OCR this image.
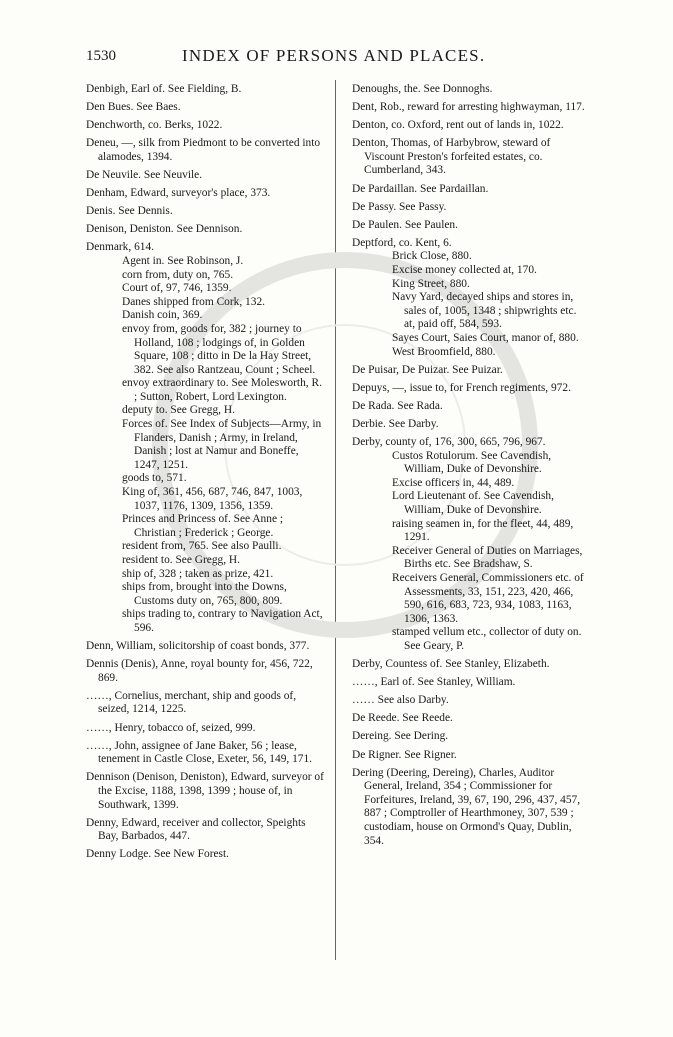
1530	INDEX OF PERSONS AND PLACES.
Denbigh, Earl of. See Fielding, B.
Den Bues. See Baes.
Denchworth, co. Berks, 1022.
Deneu, —, silk from Piedmont to be converted into alamodes, 1394.
De Neuvile. See Neuvile.
Denham, Edward, surveyor's place, 373.
Denis. See Dennis.
Denison, Deniston. See Dennison.
Denmark, 614.
Agent in. See Robinson, J.
corn from, duty on, 765.
Court of, 97, 746, 1359.
Danes shipped from Cork, 132.
Danish coin, 369.
envoy from, goods for, 382 ; journey to Holland, 108 ; lodgings of, in Golden Square, 108 ; ditto in De la Hay Street, 382. See also Rantzeau, Count ; Scheel.
envoy extraordinary to. See Molesworth, R. ; Sutton, Robert, Lord Lexington.
deputy to. See Gregg, H.
Forces of. See Index of Subjects—Army, in Flanders, Danish ; Army, in Ireland, Danish ; lost at Namur and Boneffe, 1247, 1251.
goods to, 571.
King of, 361, 456, 687, 746, 847, 1003, 1037, 1176, 1309, 1356, 1359.
Princes and Princess of. See Anne ; Christian ; Frederick ; George.
resident from, 765. See also Paulli.
resident to. See Gregg, H.
ship of, 328 ; taken as prize, 421.
ships from, brought into the Downs, Customs duty on, 765, 800, 809.
ships trading to, contrary to Navigation Act, 596.
Denn, William, solicitorship of coast bonds, 377.
Dennis (Denis), Anne, royal bounty for, 456, 722, 869.
……, Cornelius, merchant, ship and goods of, seized, 1214, 1225.
……, Henry, tobacco of, seized, 999.
……, John, assignee of Jane Baker, 56 ; lease, tenement in Castle Close, Exeter, 56, 149, 171.
Dennison (Denison, Deniston), Edward, surveyor of the Excise, 1188, 1398, 1399 ; house of, in Southwark, 1399.
Denny, Edward, receiver and collector, Speights Bay, Barbados, 447.
Denny Lodge. See New Forest.
Denoughs, the. See Donnoghs.
Dent, Rob., reward for arresting highwayman, 117.
Denton, co. Oxford, rent out of lands in, 1022.
Denton, Thomas, of Harbybrow, steward of Viscount Preston's forfeited estates, co. Cumberland, 343.
De Pardaillan. See Pardaillan.
De Passy. See Passy.
De Paulen. See Paulen.
Deptford, co. Kent, 6.
Brick Close, 880.
Excise money collected at, 170.
King Street, 880.
Navy Yard, decayed ships and stores in, sales of, 1005, 1348 ; shipwrights etc. at, paid off, 584, 593.
Sayes Court, Saies Court, manor of, 880.
West Broomfield, 880.
De Puisar, De Puizar. See Puizar.
Depuys, —, issue to, for French regiments, 972.
De Rada. See Rada.
Derbie. See Darby.
Derby, county of, 176, 300, 665, 796, 967.
Custos Rotulorum. See Cavendish, William, Duke of Devonshire.
Excise officers in, 44, 489.
Lord Lieutenant of. See Cavendish, William, Duke of Devonshire.
raising seamen in, for the fleet, 44, 489, 1291.
Receiver General of Duties on Marriages, Births etc. See Bradshaw, S.
Receivers General, Commissioners etc. of Assessments, 33, 151, 223, 420, 466, 590, 616, 683, 723, 934, 1083, 1163, 1306, 1363.
stamped vellum etc., collector of duty on. See Geary, P.
Derby, Countess of. See Stanley, Elizabeth.
……, Earl of. See Stanley, William.
…… See also Darby.
De Reede. See Reede.
Dereing. See Dering.
De Rigner. See Rigner.
Dering (Deering, Dereing), Charles, Auditor General, Ireland, 354 ; Commissioner for Forfeitures, Ireland, 39, 67, 190, 296, 437, 457, 887 ; Comptroller of Hearthmoney, 307, 539 ; custodiam, house on Ormond's Quay, Dublin, 354.
